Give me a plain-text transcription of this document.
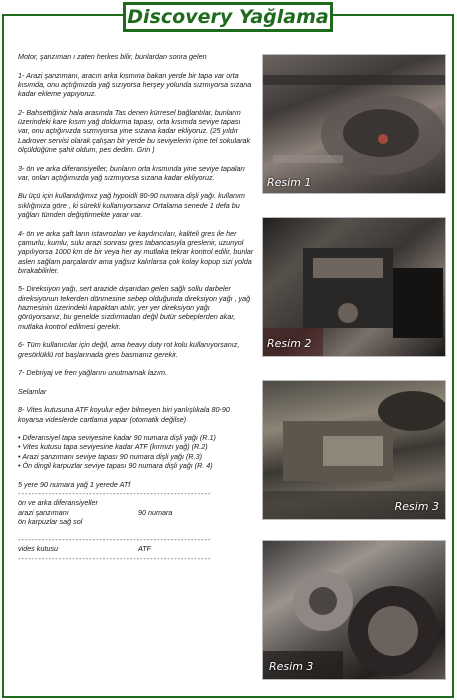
Discovery Yağlama

Motor, şanzıman ı zaten herkes bilir, bunlardan sonra gelen

1- Arazi şanzımanı, aracın arka kısmına bakan yerde bir tapa var orta kısımda, onu açtığınızda yağ sızıyorsa herşey yolunda sızmıyorsa sızana kadar ekleme yapıyoruz.

2- Bahsettiğiniz hala arasında Tas denen kürresel bağlantılar, bunların üzerindeki kare kısım yağ doldurma tapası, orta kısımda seviye tapası var, onu açtığınızda sızmıyorsa yine sızana kadar ekliyoruz. (25 yıldır Ladrover servisi olarak çalışan bir yerde bu seviyelerin içine tel sokularak ölçüldüğüne şahit oldum, pes dedim. Grin )

3- ön ve arka diferansiyeller, bunların orta kısmında yine seviye tapaları var, onları açtığımızda yağ sızmıyorsa sızana kadar ekliyoruz.

Bu üçü için kullandığımız yağ hypoidli 80-90 numara dişli yağı. kullanım sıklığınıza göre , ki sürekli kullanıyorsanız Ortalama senede 1 defa bu yağları tümden değiştirmekte yarar var.

4- ön ve arka şaft ların istavrozları ve kaydırıcıları, kaliteli gres ile her çamurlu, kumlu, sulu arazi sonrası gres tabancasıyla greslenir, uzunyol yapılıyorsa 1000 km de bir veya her ay mutlaka tekrar kontrol edilir, bunlar aslen sağlam parçalardır ama yağsız kalırlarsa çok kolay kopup sizi yolda bırakabilirler.

5- Direksiyon yağı, sert arazide dışarıdan gelen sağlı sollu darbeler direksiyonun tekerden dönmesine sebep olduğunda direksiyon yağı , yağ haznesinin üzerindeki kapaktan atılır, yer yer direksiyon yağı görüyorsanız, bu genelde sızdırmadan değil butür sebeplerden akar, mutlaka kontrol edilmesi gerekir.

6- Tüm kullanıcılar için değil, ama heavy duty rot kolu kullanıyorsanız, gresörlüklü rot başlarınada gres basmanız gerekir.

7- Debriyaj ve fren yağlarını unutmamak lazım.

Selamlar

8- Vites kutusuna ATF koyulur eğer bilmeyen biri yanlışlıkala 80-90 koyarsa videslerde cartlama yapar (otomatik değilse)

• Diferansiyel tapa seviyesine kadar 90 numara dişli yağı (R.1)
• Vites kutusu tapa seviyesine kadar ATF (kırmızı yağ) (R.2)
• Arazi şanzımanı seviye tapası 90 numara dişli yağı (R.3)
• Ön dingil karpuzlar seviye tapası 90 numara dişli yağı (R. 4)

5 yere 90 numara yağ 1 yerede ATf

- - - - - - - - - - - - - - - - - - - - - - - - - - - - - - - - - - - - - - - - - - - - - - - - - - - - - - - - -
ön ve arka diferansiyeller
arazi şanzımanı	90 numara
ön karpuzlar sağ sol
- - - - - - - - - - - - - - - - - - - - - - - - - - - - - - - - - - - - - - - - - - - - - - - - - - - - - - - - -
vides kutusu	ATF
- - - - - - - - - - - - - - - - - - - - - - - - - - - - - - - - - - - - - - - - - - - - - - - - - - - - - - - - -
Resim 1
Resim 2
Resim 3
Resim 3
